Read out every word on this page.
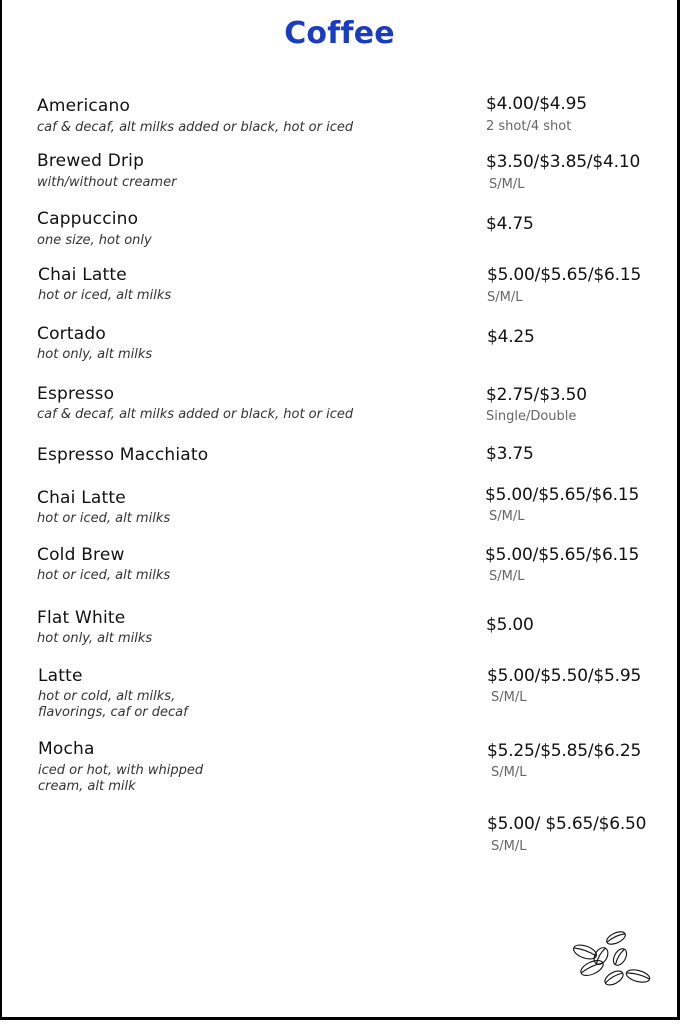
Coffee
Americano
caf & decaf, alt milks added or black, hot or iced
Brewed Drip
with/without creamer
Cappuccino
one size, hot only
Chai Latte
hot or iced, alt milks
Cortado
hot only, alt milks
Espresso
caf & decaf, alt milks added or black, hot or iced
Espresso Macchiato
Chai Latte
hot or iced, alt milks
Cold Brew
hot or iced, alt milks
Flat White
hot only, alt milks
Latte
hot or cold, alt milks,
flavorings, caf or decaf
Mocha
iced or hot, with whipped
cream, alt milk
$4.00/$4.95
2 shot/4 shot
$3.50/$3.85/$4.10
S/M/L
$4.75
$5.00/$5.65/$6.15
S/M/L
$4.25
$2.75/$3.50
Single/Double
$3.75
$5.00/$5.65/$6.15
S/M/L
$5.00/$5.65/$6.15
S/M/L
$5.00
$5.00/$5.50/$5.95
S/M/L
$5.25/$5.85/$6.25
S/M/L
$5.00/ $5.65/$6.50
S/M/L
